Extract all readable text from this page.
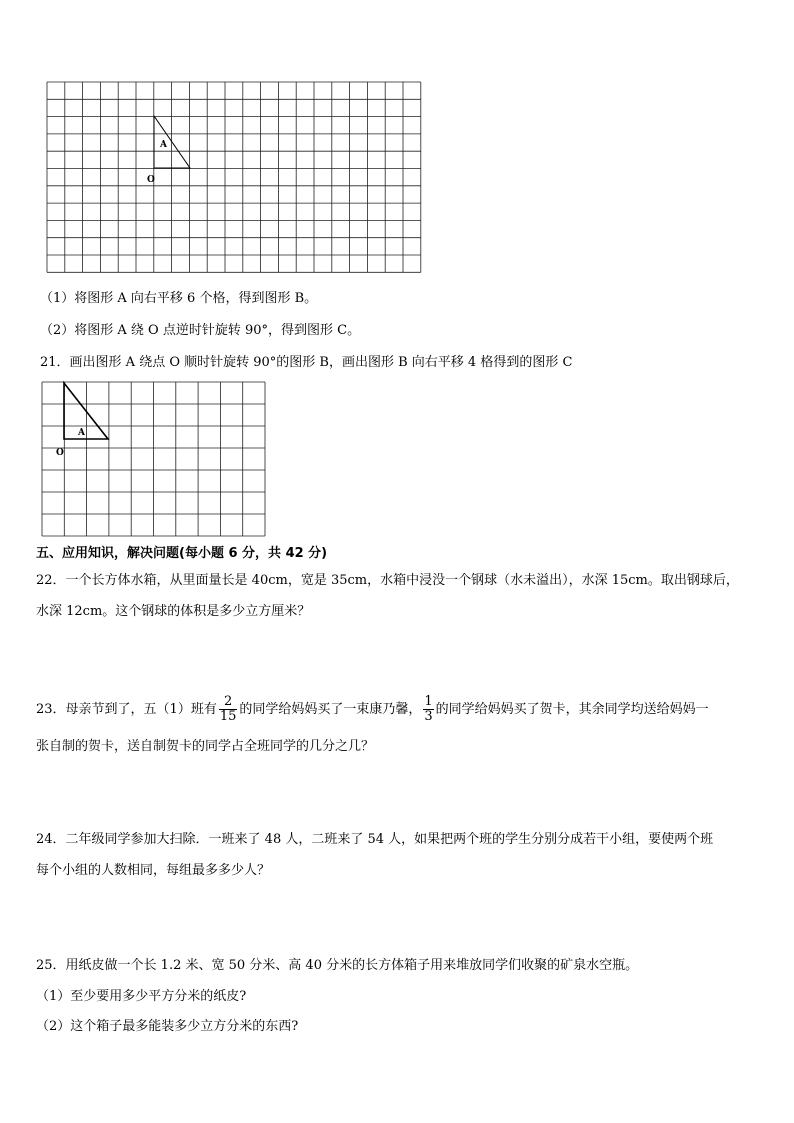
A
O
（1）将图形 A 向右平移 6 个格，得到图形 B。
（2）将图形 A 绕 O 点逆时针旋转 90°，得到图形 C。
21．画出图形 A 绕点 O 顺时针旋转 90°的图形 B，画出图形 B 向右平移 4 格得到的图形 C
A
O
五、应用知识，解决问题(每小题 6 分，共 42 分)
22．一个长方体水箱，从里面量长是 40cm，宽是 35cm，水箱中浸没一个钢球（水未溢出），水深 15cm。取出钢球后，
水深 12cm。这个钢球的体积是多少立方厘米？
23．母亲节到了，五（1）班有 $\frac{2}{15}$ 的同学给妈妈买了一束康乃馨， $\frac{1}{3}$ 的同学给妈妈买了贺卡，其余同学均送给妈妈一
张自制的贺卡，送自制贺卡的同学占全班同学的几分之几？
24．二年级同学参加大扫除．一班来了 48 人，二班来了 54 人，如果把两个班的学生分别分成若干小组，要使两个班
每个小组的人数相同，每组最多多少人？
25．用纸皮做一个长 1.2 米、宽 50 分米、高 40 分米的长方体箱子用来堆放同学们收聚的矿泉水空瓶。
（1）至少要用多少平方分米的纸皮?
（2）这个箱子最多能装多少立方分米的东西?
